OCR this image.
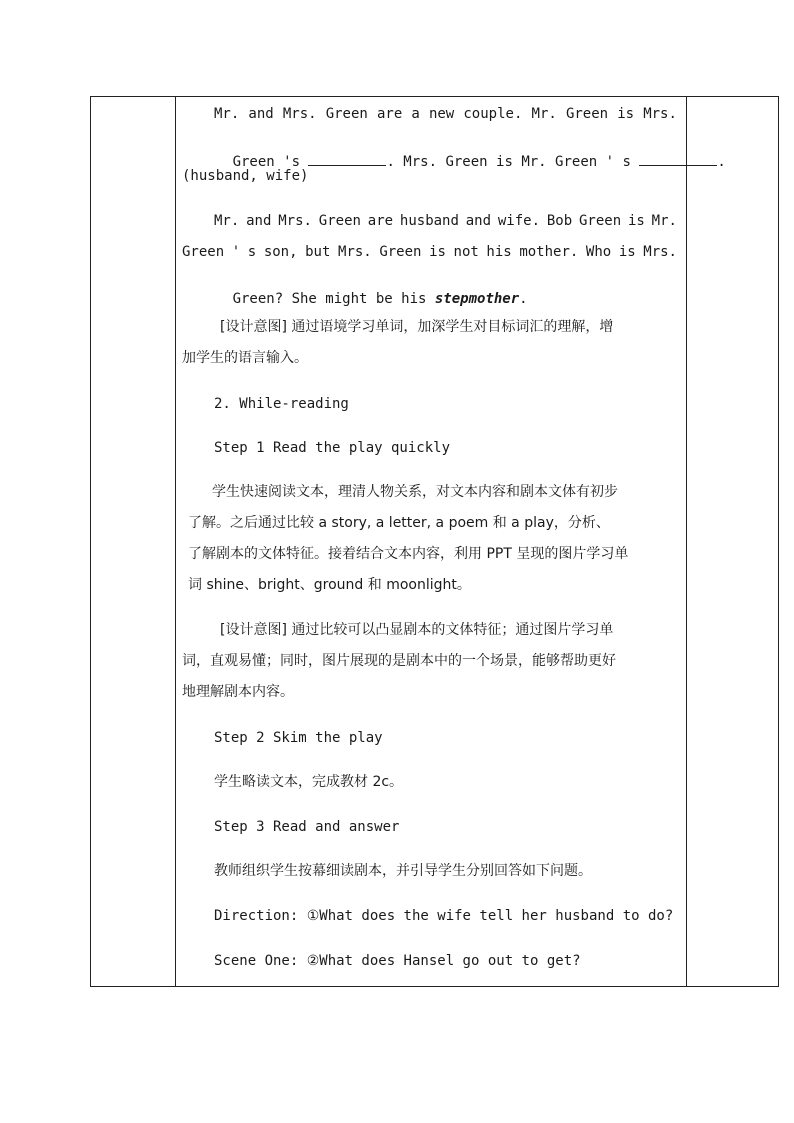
Mr. and Mrs. Green are a new couple. Mr. Green is Mrs.

Green 's	. Mrs. Green is Mr. Green ' s	.

(husband, wife)
Mr. and Mrs. Green are husband and wife. Bob Green is Mr.
Green ' s son, but Mrs. Green is not his mother. Who is Mrs.

Green? She might be his stepmother.

[设计意图] 通过语境学习单词，加深学生对目标词汇的理解，增
加学生的语言输入。
2. While-reading
Step 1 Read the play quickly
学生快速阅读文本，理清人物关系，对文本内容和剧本文体有初步
了解。之后通过比较 a story, a letter, a poem 和 a play，分析、
了解剧本的文体特征。接着结合文本内容，利用 PPT 呈现的图片学习单
词 shine、bright、ground 和 moonlight。
[设计意图] 通过比较可以凸显剧本的文体特征；通过图片学习单
词，直观易懂；同时，图片展现的是剧本中的一个场景，能够帮助更好
地理解剧本内容。
Step 2 Skim the play
学生略读文本，完成教材 2c。
Step 3 Read and answer
教师组织学生按幕细读剧本，并引导学生分别回答如下问题。
Direction: ①What does the wife tell her husband to do?
Scene One: ②What does Hansel go out to get?
